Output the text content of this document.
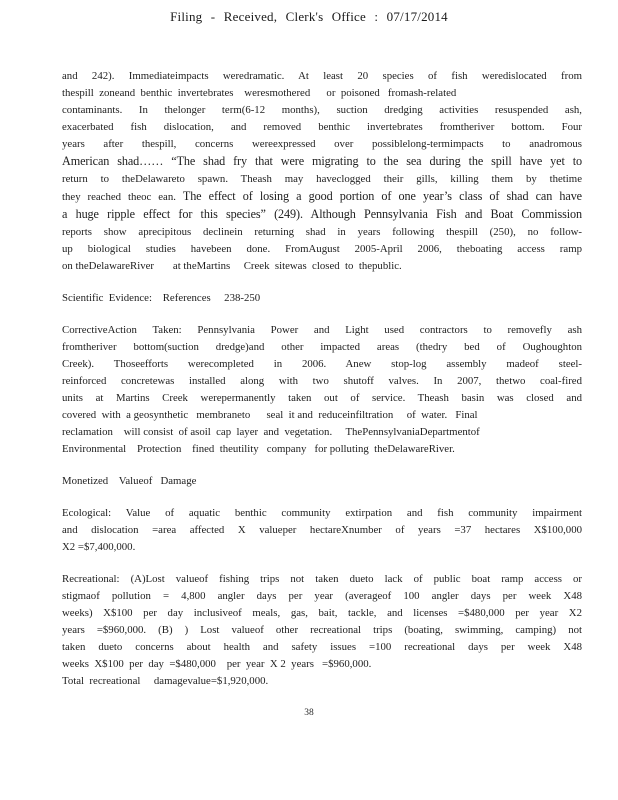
Filing - Received, Clerk's Office : 07/17/2014
and 242). Immediateimpacts weredramatic. At least 20 species of fish weredislocated from
thespill  zoneand  benthic  invertebrates    weresmothered      or  poisoned   fromash-related
contaminants. In thelonger term(6-12 months), suction dredging activities resuspended ash,
exacerbated fish dislocation, and removed benthic invertebrates fromtheriver bottom. Four
years after thespill, concerns wereexpressed over possiblelong-termimpacts to anadromous
American shad…… “The shad fry that were migrating to the sea during the spill have yet to
return to theDelawareto spawn. Theash may haveclogged their gills, killing them by thetime
they reached theoc ean. The effect of losing a good portion of one year’s class of shad can have
a huge ripple effect for this species” (249). Although Pennsylvania Fish and Boat Commission
reports show aprecipitous declinein returning shad in years following thespill (250), no follow-
up biological studies havebeen done. FromAugust 2005-April 2006, theboating access ramp
on theDelawareRiver       at theMartins     Creek  sitewas  closed  to  thepublic.
Scientific  Evidence:    References     238-250
CorrectiveAction Taken: Pennsylvania Power and Light used contractors to removefly ash
fromtheriver bottom(suction dredge)and other impacted areas (thedry bed of Oughoughton
Creek). Thoseefforts werecompleted in 2006. Anew stop-log assembly madeof steel-
reinforced concretewas installed along with two shutoff valves. In 2007, thetwo coal-fired
units at Martins Creek werepermanently taken out of service. Theash basin was closed and
covered  with  a geosynthetic   membraneto      seal  it and  reduceinfiltration     of  water.   Final
reclamation    will consist  of asoil  cap  layer  and  vegetation.     ThePennsylvaniaDepartmentof
Environmental    Protection    fined  theutility   company   for polluting  theDelawareRiver.
Monetized    Valueof   Damage
Ecological: Value of aquatic benthic community extirpation and fish community impairment
and dislocation =area affected X valueper hectareXnumber of years =37 hectares X$100,000
X2 =$7,400,000.
Recreational: (A)Lost valueof fishing trips not taken dueto lack of public boat ramp access or
stigmaof pollution = 4,800 angler days per year (averageof 100 angler days per week X48
weeks) X$100 per day inclusiveof meals, gas, bait, tackle, and licenses =$480,000 per year X2
years =$960,000. (B) ) Lost valueof other recreational trips (boating, swimming, camping) not
taken dueto concerns about health and safety issues =100 recreational days per week X48
weeks  X$100  per  day  =$480,000    per  year  X 2  years   =$960,000.
Total  recreational     damagevalue=$1,920,000.
38
